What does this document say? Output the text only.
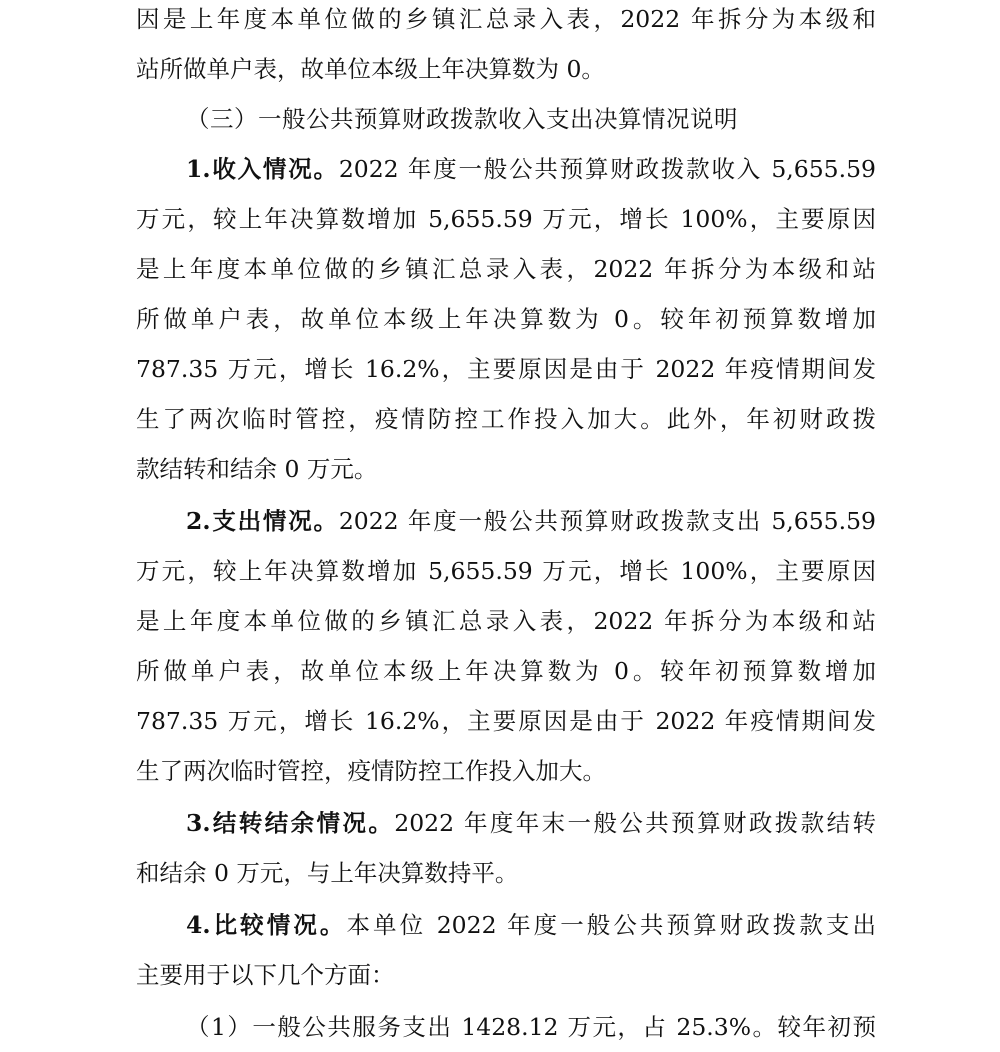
因是上年度本单位做的乡镇汇总录入表，2022 年拆分为本级和
站所做单户表，故单位本级上年决算数为 0。
（三）一般公共预算财政拨款收入支出决算情况说明
1.收入情况。2022 年度一般公共预算财政拨款收入 5,655.59
万元，较上年决算数增加 5,655.59 万元，增长 100%，主要原因
是上年度本单位做的乡镇汇总录入表，2022 年拆分为本级和站
所做单户表，故单位本级上年决算数为 0。较年初预算数增加
787.35 万元，增长 16.2%，主要原因是由于 2022 年疫情期间发
生了两次临时管控，疫情防控工作投入加大。此外，年初财政拨
款结转和结余 0 万元。
2.支出情况。2022 年度一般公共预算财政拨款支出 5,655.59
万元，较上年决算数增加 5,655.59 万元，增长 100%，主要原因
是上年度本单位做的乡镇汇总录入表，2022 年拆分为本级和站
所做单户表，故单位本级上年决算数为 0。较年初预算数增加
787.35 万元，增长 16.2%，主要原因是由于 2022 年疫情期间发
生了两次临时管控，疫情防控工作投入加大。
3.结转结余情况。2022 年度年末一般公共预算财政拨款结转
和结余 0 万元，与上年决算数持平。
4.比较情况。本单位 2022 年度一般公共预算财政拨款支出
主要用于以下几个方面：
（1）一般公共服务支出 1428.12 万元，占 25.3%。较年初预
